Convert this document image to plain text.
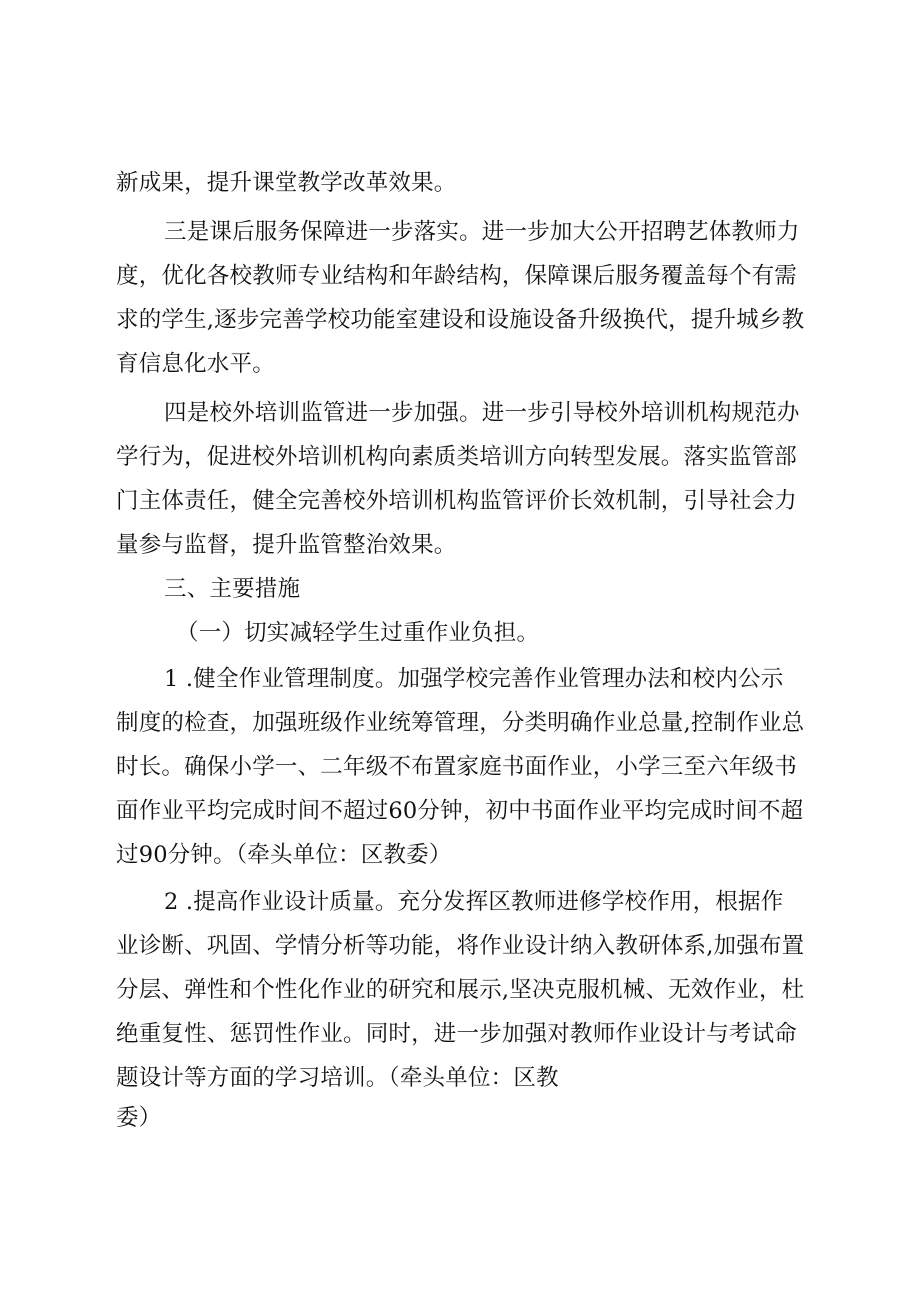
新成果，提升课堂教学改革效果。
三是课后服务保障进一步落实。进一步加大公开招聘艺体教师力
度，优化各校教师专业结构和年龄结构，保障课后服务覆盖每个有需
求的学生,逐步完善学校功能室建设和设施设备升级换代，提升城乡教
育信息化水平。
四是校外培训监管进一步加强。进一步引导校外培训机构规范办
学行为，促进校外培训机构向素质类培训方向转型发展。落实监管部
门主体责任，健全完善校外培训机构监管评价长效机制，引导社会力
量参与监督，提升监管整治效果。
三、主要措施
（一）切实减轻学生过重作业负担。
1 .健全作业管理制度。加强学校完善作业管理办法和校内公示
制度的检查，加强班级作业统筹管理，分类明确作业总量,控制作业总
时长。确保小学一、二年级不布置家庭书面作业，小学三至六年级书
面作业平均完成时间不超过60分钟，初中书面作业平均完成时间不超
过90分钟。（牵头单位：区教委）
2 .提高作业设计质量。充分发挥区教师进修学校作用，根据作
业诊断、巩固、学情分析等功能，将作业设计纳入教研体系,加强布置
分层、弹性和个性化作业的研究和展示,坚决克服机械、无效作业，杜
绝重复性、惩罚性作业。同时，进一步加强对教师作业设计与考试命
题设计等方面的学习培训。（牵头单位：区教
委）
